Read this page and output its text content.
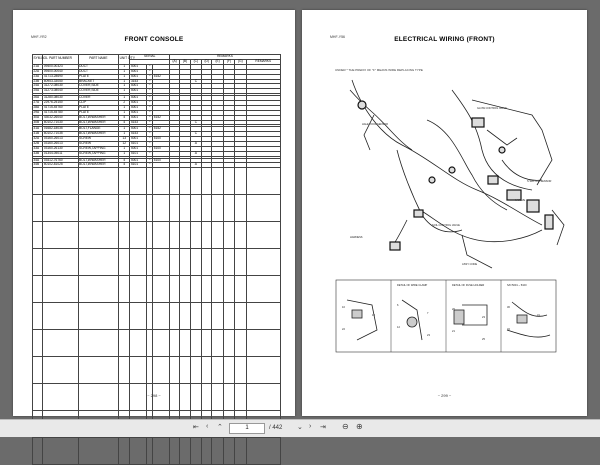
MHF-YR2	FRONT CONSOLE
SYM-BOL	PART NUMBER	PART NAME	UNIT Q'TY	SERIAL			REMARKS							
							(A)	(B)	(C)	(D)	(E)	(F)	(G)	REMARKS
21A	09400-00323	DUCT	1	5001	~									
22A	09400-00040	DUCT	1	5001	~									
23A	41713-28690	PLATE	1	5001	~	5152								
23B	60953-33050	BRACKET	1	3153	~				C					
24A	31272-08030	COVER,SIDE	1	5001	~									
25A	31273-08040	COVER,SIDE	1	5001	~									

26A	31280-08030	COVER	1	5001	~									
27A	22976-25150	CLIP	2	5001	~									
28A	41715-45760	PLATE	1	5001	~									
29A	41715-45780	PLATE	1	5001	~									
30A	43032-26040	BOLT,W/WASHER	4	5001	~	5152								
30B	60102-71030	BOLT,W/WASHER	4	5153	~				C					

31A	01682-18035	BOLT,FLANGE	1	5001	~	5152								
31B	60102-71035	BOLT,W/WASHER	1	5153	~				C					
32A	03160-26013	SCREW	13	5001	~	5100								
32B	03160-26013	SCREW	12	5101	~				A					
33A	03160-26130	SCREW,TAPPING	1	5001	~	5100								
33B	01344-05011	SCREW,TAPPING	1	5101	~				A					

34A	03412-76760	BOLT,W/WASHER	4	5001	~	5100								
34B	60102-81025	BOLT,W/WASHER	4	5101	~				A					

~ 298 ~
MHF-Y56	ELECTRICAL WIRING (FRONT)
UNDER * THE PREFIX OF "F" MEANS WIRE REPLACING TYPE
GLOW CONTROL VALVE
HALE TOOL SENSOR
SOIL CONTROL VALVE
HARNESS
A VALVE
S SWITCH SENSOR
ASSY CODE
DETAIL OF WIRE CLAMP	DETAIL OF FUSE HOLDER	S/N 5001 ~ 5100
10
13
22
6
7
12
23
20
23
21
25
30
31
32
~ 299 ~
⇤ ‹ ⌃	1	/ 442 ⌄ › ⇥ ⊖ ⊕
